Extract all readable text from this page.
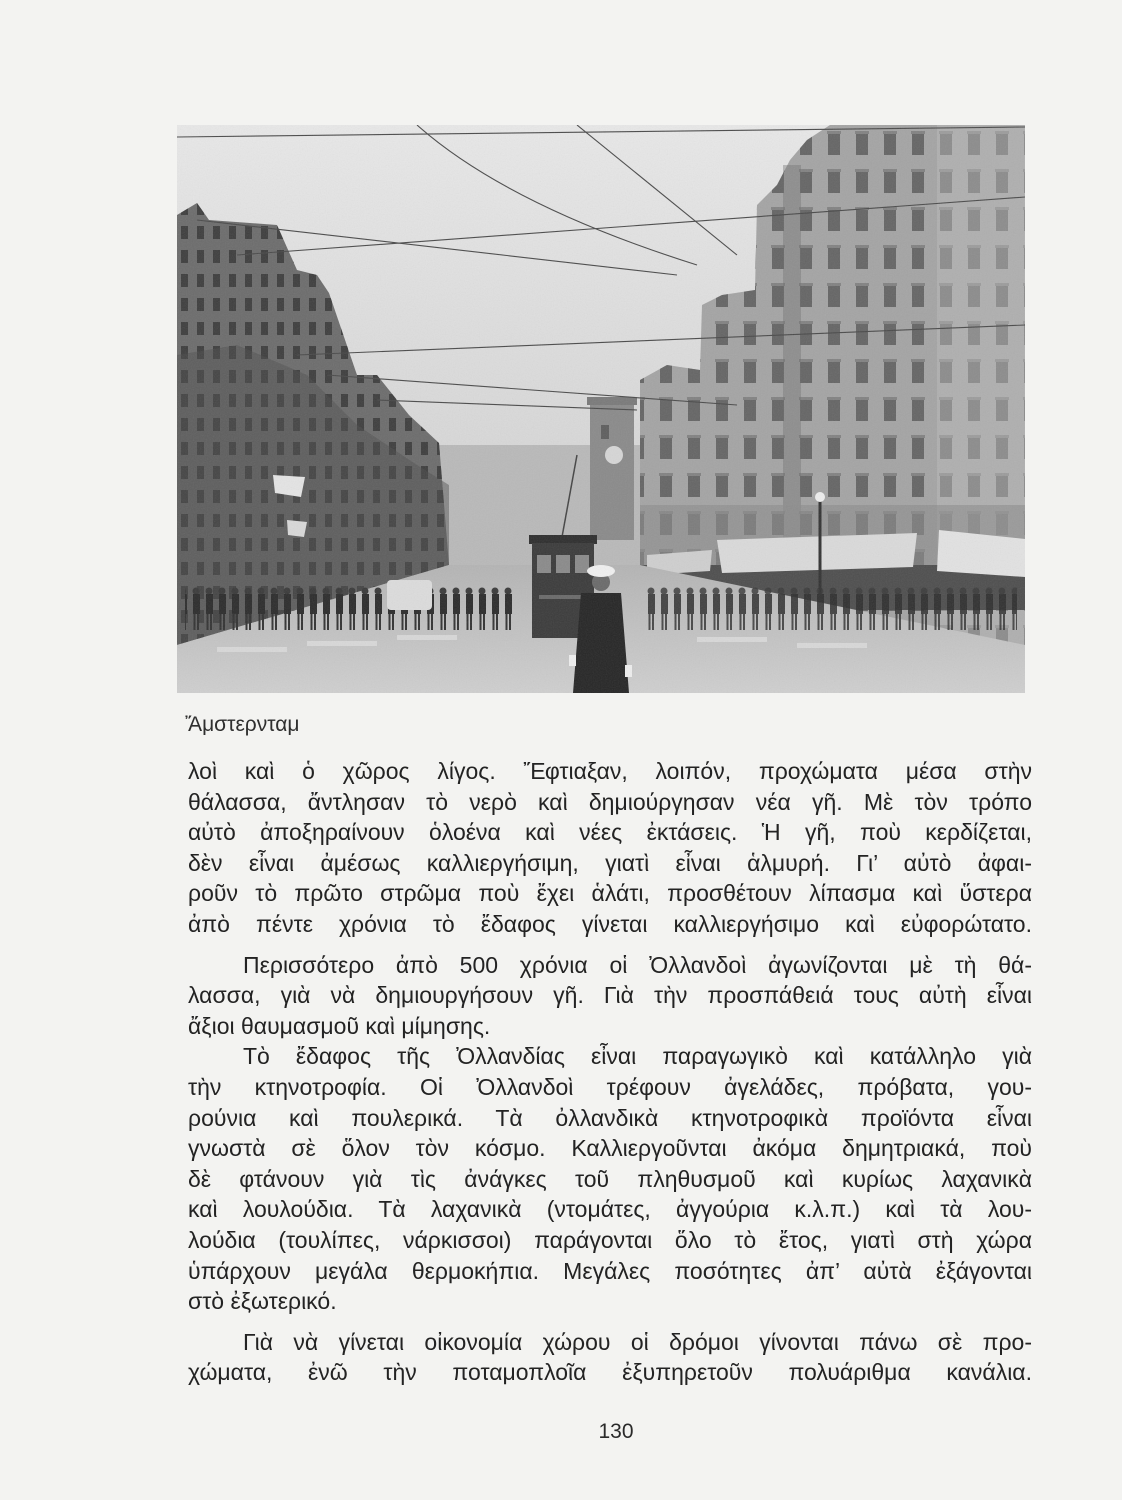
Ἄμστερνταμ
λοὶ καὶ ὁ χῶρος λίγος. Ἔφτιαξαν, λοιπόν, προχώματα μέσα στὴν
θάλασσα, ἄντλησαν τὸ νερὸ καὶ δημιούργησαν νέα γῆ. Μὲ τὸν τρόπο
αὐτὸ ἀποξηραίνουν ὁλοένα καὶ νέες ἐκτάσεις. Ἡ γῆ, ποὺ κερδίζεται,
δὲν εἶναι ἀμέσως καλλιεργήσιμη, γιατὶ εἶναι ἁλμυρή. Γι’ αὐτὸ ἀφαι-
ροῦν τὸ πρῶτο στρῶμα ποὺ ἔχει ἁλάτι, προσθέτουν λίπασμα καὶ ὕστερα
ἀπὸ πέντε χρόνια τὸ ἔδαφος γίνεται καλλιεργήσιμο καὶ εὐφορώτατο.
Περισσότερο ἀπὸ 500 χρόνια οἱ Ὀλλανδοὶ ἀγωνίζονται μὲ τὴ θά-
λασσα, γιὰ νὰ δημιουργήσουν γῆ. Γιὰ τὴν προσπάθειά τους αὐτὴ εἶναι
ἄξιοι θαυμασμοῦ καὶ μίμησης.
Τὸ ἔδαφος τῆς Ὀλλανδίας εἶναι παραγωγικὸ καὶ κατάλληλο γιὰ
τὴν κτηνοτροφία. Οἱ Ὀλλανδοὶ τρέφουν ἀγελάδες, πρόβατα, γου-
ρούνια καὶ πουλερικά. Τὰ ὀλλανδικὰ κτηνοτροφικὰ προϊόντα εἶναι
γνωστὰ σὲ ὅλον τὸν κόσμο. Καλλιεργοῦνται ἀκόμα δημητριακά, ποὺ
δὲ φτάνουν γιὰ τὶς ἀνάγκες τοῦ πληθυσμοῦ καὶ κυρίως λαχανικὰ
καὶ λουλούδια. Τὰ λαχανικὰ (ντομάτες, ἀγγούρια κ.λ.π.) καὶ τὰ λου-
λούδια (τουλίπες, νάρκισσοι) παράγονται ὅλο τὸ ἔτος, γιατὶ στὴ χώρα
ὑπάρχουν μεγάλα θερμοκήπια. Μεγάλες ποσότητες ἀπ’ αὐτὰ ἐξάγονται
στὸ ἐξωτερικό.
Γιὰ νὰ γίνεται οἰκονομία χώρου οἱ δρόμοι γίνονται πάνω σὲ προ-
χώματα, ἐνῶ τὴν ποταμοπλοῖα ἐξυπηρετοῦν πολυάριθμα κανάλια.
130
